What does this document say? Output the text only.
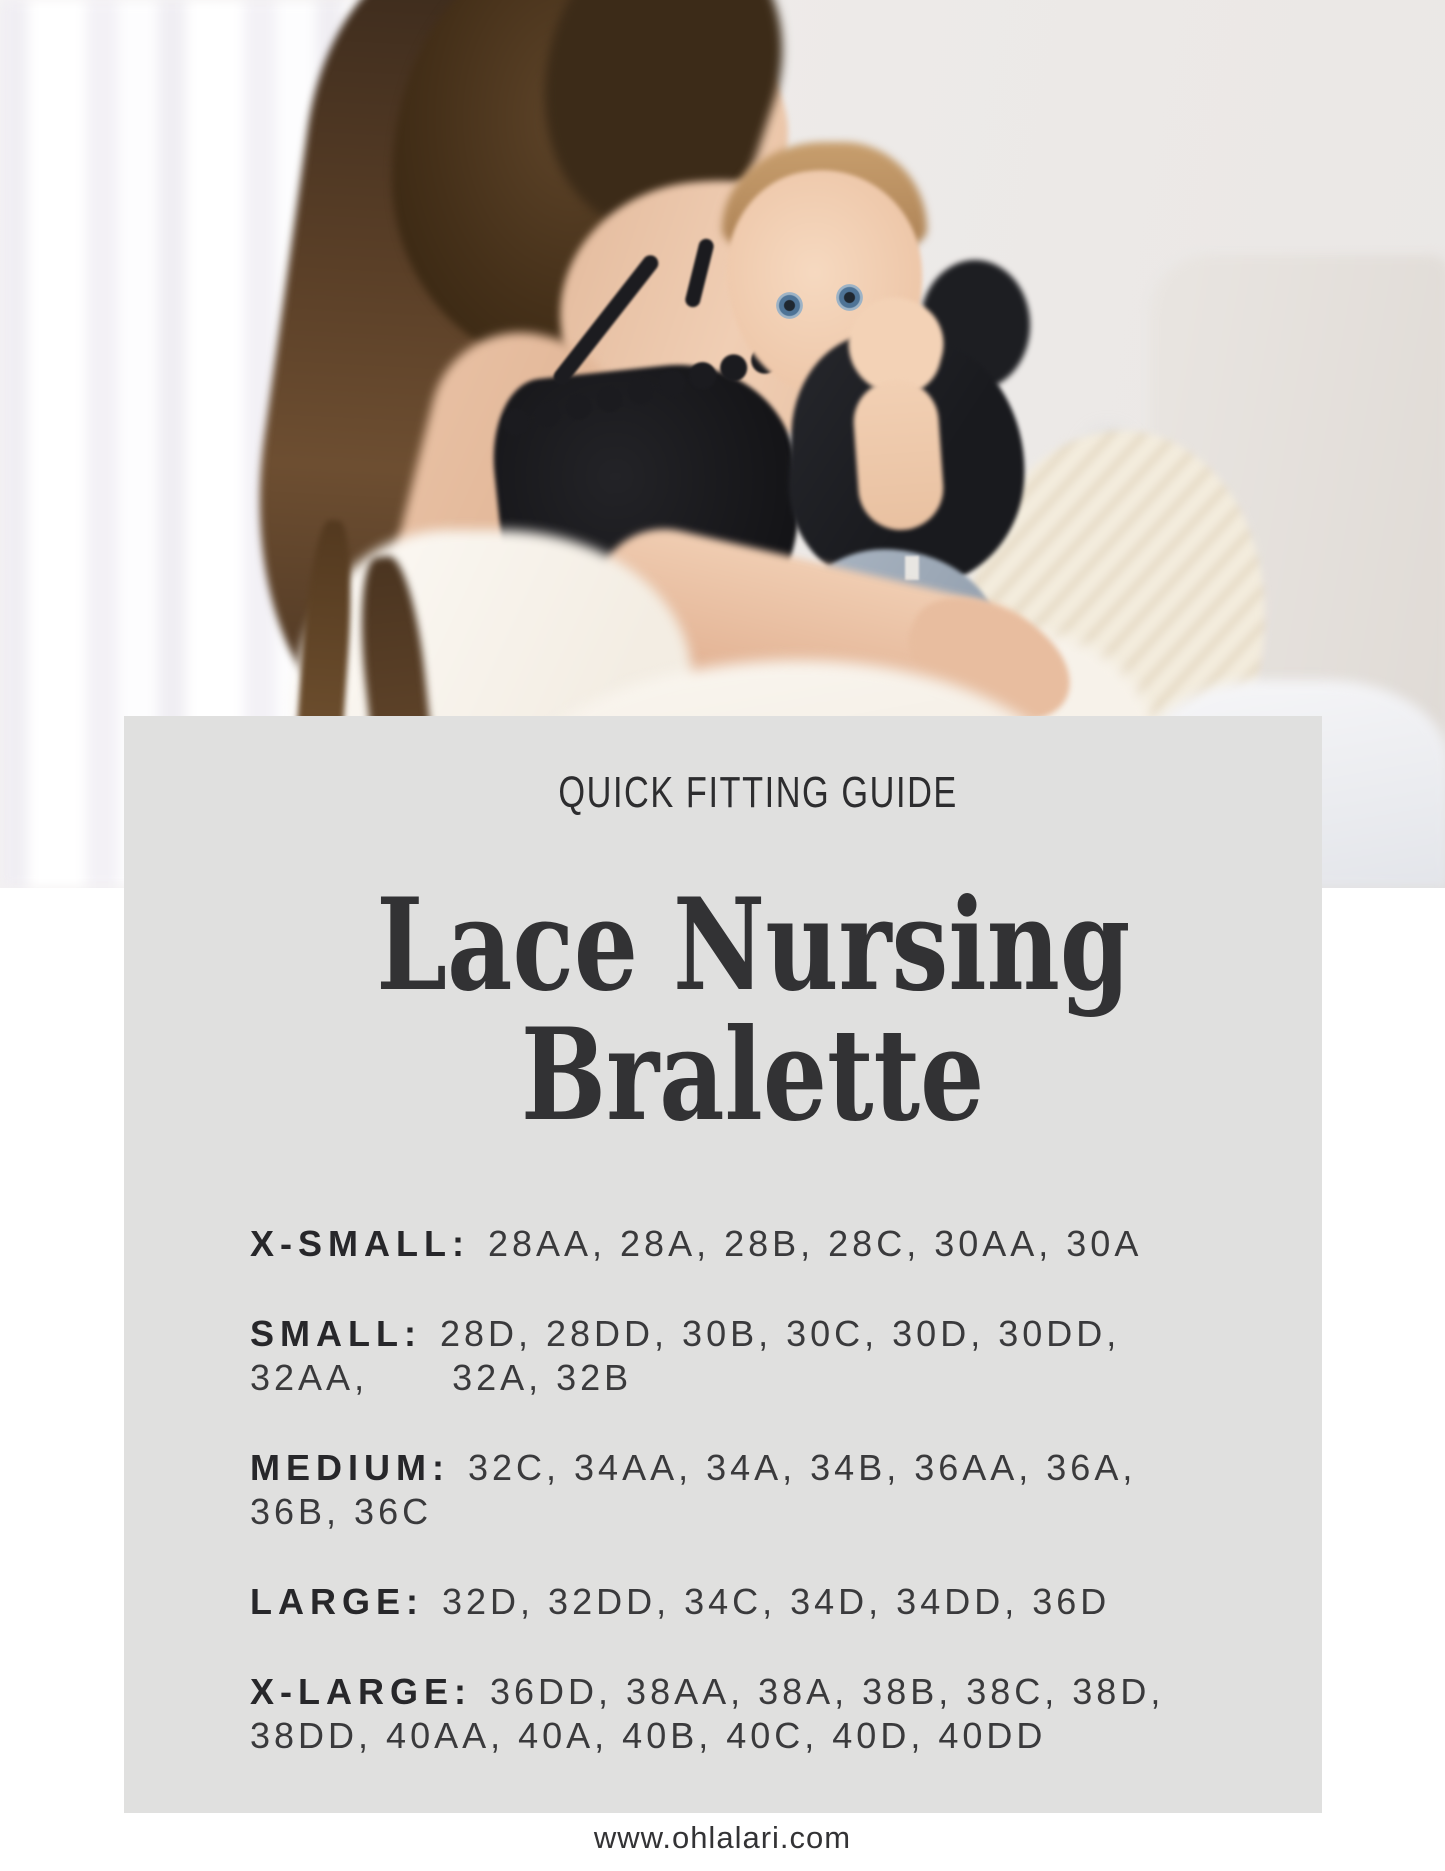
QUICK FITTING GUIDE
Lace Nursing
Bralette
X-SMALL: 28AA, 28A, 28B, 28C, 30AA, 30A
SMALL: 28D, 28DD, 30B, 30C, 30D, 30DD,
32AA,      32A, 32B
MEDIUM: 32C, 34AA, 34A, 34B, 36AA, 36A,
36B, 36C
LARGE: 32D, 32DD, 34C, 34D, 34DD, 36D
X-LARGE: 36DD, 38AA, 38A, 38B, 38C, 38D,
38DD, 40AA, 40A, 40B, 40C, 40D, 40DD
www.ohlalari.com
